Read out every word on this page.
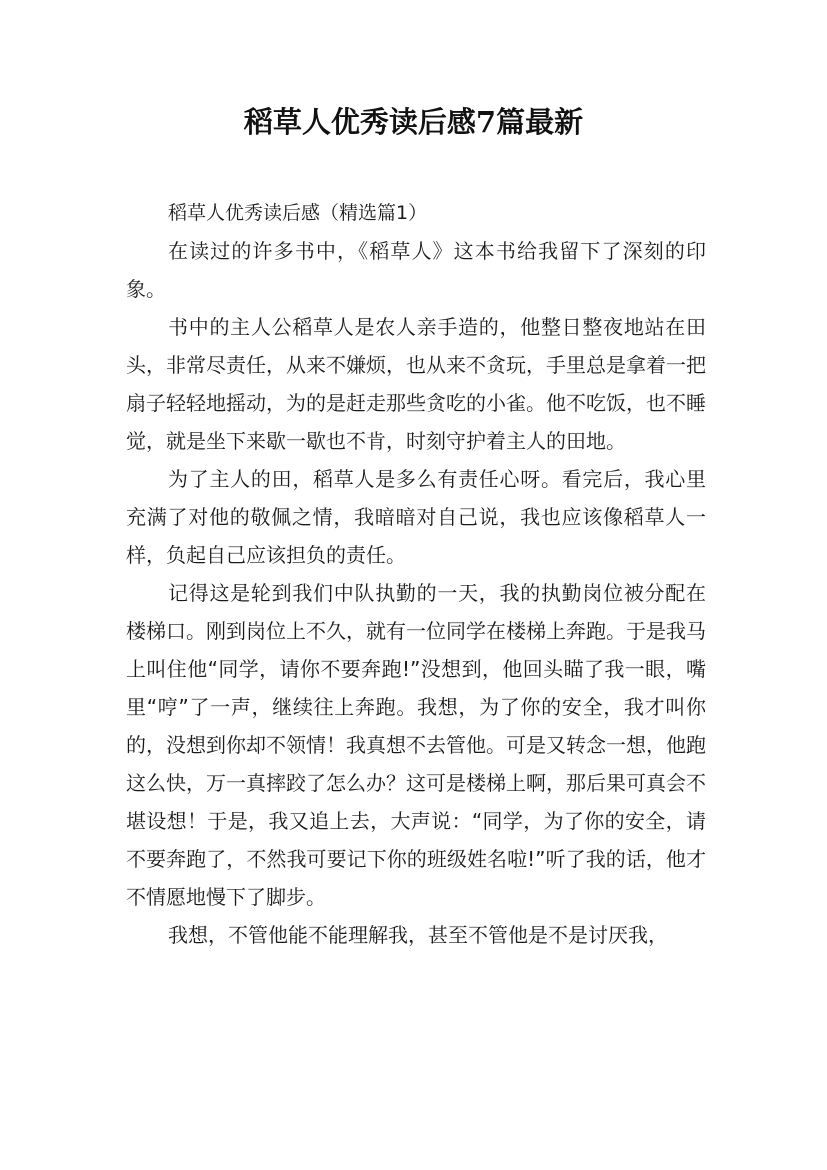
稻草人优秀读后感7篇最新

稻草人优秀读后感（精选篇1）

在读过的许多书中，《稻草人》这本书给我留下了深刻的印象。

书中的主人公稻草人是农人亲手造的，他整日整夜地站在田头，非常尽责任，从来不嫌烦，也从来不贪玩，手里总是拿着一把扇子轻轻地摇动，为的是赶走那些贪吃的小雀。他不吃饭，也不睡觉，就是坐下来歇一歇也不肯，时刻守护着主人的田地。

为了主人的田，稻草人是多么有责任心呀。看完后，我心里充满了对他的敬佩之情，我暗暗对自己说，我也应该像稻草人一样，负起自己应该担负的责任。

记得这是轮到我们中队执勤的一天，我的执勤岗位被分配在楼梯口。刚到岗位上不久，就有一位同学在楼梯上奔跑。于是我马上叫住他“同学，请你不要奔跑!”没想到，他回头瞄了我一眼，嘴里“哼”了一声，继续往上奔跑。我想，为了你的安全，我才叫你的，没想到你却不领情！我真想不去管他。可是又转念一想，他跑这么快，万一真摔跤了怎么办？这可是楼梯上啊，那后果可真会不堪设想！于是，我又追上去，大声说：“同学，为了你的安全，请不要奔跑了，不然我可要记下你的班级姓名啦!”听了我的话，他才不情愿地慢下了脚步。

我想，不管他能不能理解我，甚至不管他是不是讨厌我，
